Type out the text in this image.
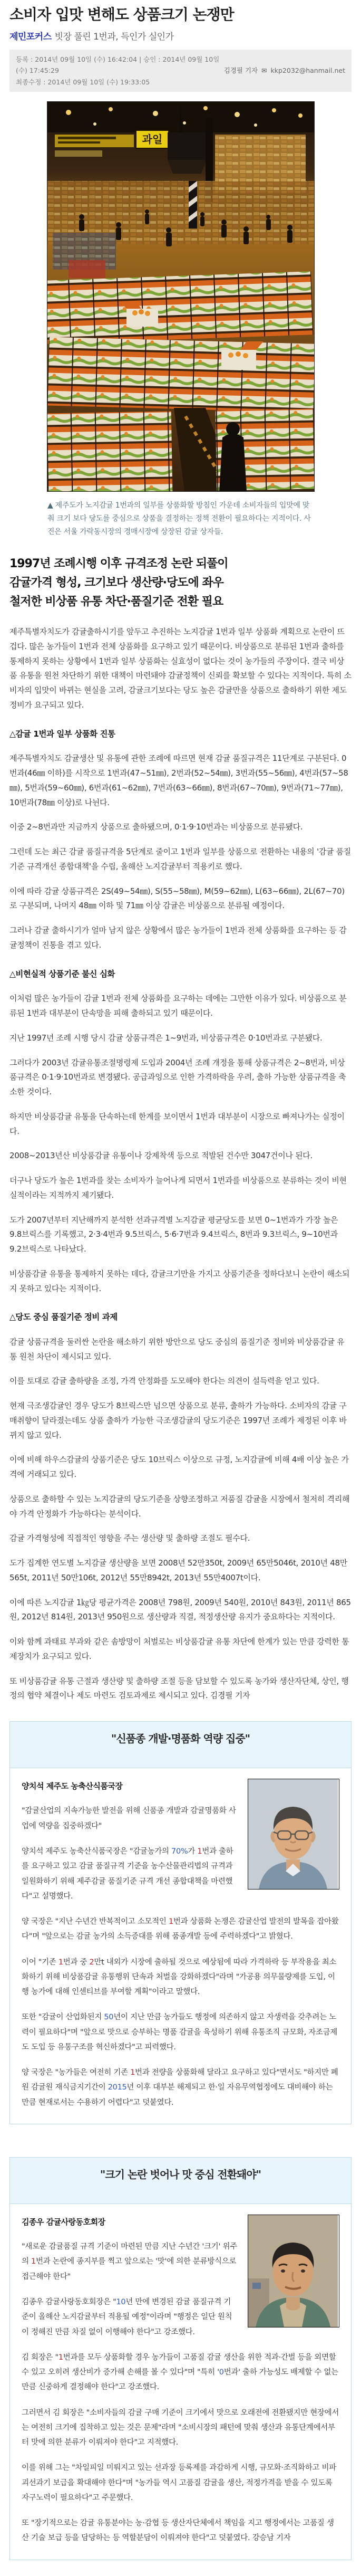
소비자 입맛 변해도 상품크기 논쟁만
제민포커스 빗장 풀린 1번과, 득인가 실인가
등록 : 2014년 09월 10일 (수) 16:42:04 | 승인 : 2014년 09월 10일 (수) 17:45:29
최종수정 : 2014년 09월 10일 (수) 19:33:05
김경필 기자 ✉ kkp2032@hanmail.net
과일
▲ 제주도가 노지감귤 1번과의 일부를 상품화할 방침인 가운데 소비자들의 입맛에 맞춰 크기 보다 당도를 중심으로 상품을 결정하는 정책 전환이 필요하다는 지적이다. 사진은 서울 가락동시장의 경매시장에 상장된 감귤 상자들.
1997년 조례시행 이후 규격조정 논란 되풀이
감귤가격 형성, 크기보다 생산량·당도에 좌우
철저한 비상품 유통 차단·품질기준 전환 필요

제주특별자치도가 감귤출하시기를 앞두고 추진하는 노지감귤 1번과 일부 상품화 계획으로 논란이 뜨겁다. 많은 농가들이 1번과 전체 상품화를 요구하고 있기 때문이다. 비상품으로 분류된 1번과 출하를 통제하지 못하는 상황에서 1번과 일부 상품화는 실효성이 없다는 것이 농가들의 주장이다. 결국 비상품 유통을 원천 차단하기 위한 대책이 마련돼야 감귤정책이 신뢰를 확보할 수 있다는 지적이다. 특히 소비자의 입맛이 바뀌는 현실을 고려, 감귤크기보다는 당도 높은 감귤만을 상품으로 출하하기 위한 제도 정비가 요구되고 있다.

△감귤 1번과 일부 상품화 진통

제주특별자치도 감귤생산 및 유통에 관한 조례에 따르면 현재 감귤 품질규격은 11단계로 구분된다. 0번과(46㎜ 이하)를 시작으로 1번과(47~51㎜), 2번과(52~54㎜), 3번과(55~56㎜), 4번과(57~58㎜), 5번과(59~60㎜), 6번과(61~62㎜), 7번과(63~66㎜), 8번과(67~70㎜), 9번과(71~77㎜), 10번과(78㎜ 이상)로 나뉜다.

이중 2~8번과만 지금까지 상품으로 출하됐으며, 0·1·9·10번과는 비상품으로 분류됐다.

그런데 도는 최근 감귤 품질규격을 5단계로 줄이고 1번과 일부를 상품으로 전환하는 내용의 '감귤 품질기준 규격개선 종합대책'을 수립, 올해산 노지감귤부터 적용키로 했다.

이에 따라 감귤 상품규격은 2S(49~54㎜), S(55~58㎜), M(59~62㎜), L(63~66㎜), 2L(67~70)로 구분되며, 나머지 48㎜ 이하 및 71㎜ 이상 감귤은 비상품으로 분류될 예정이다.

그러나 감귤 출하시기가 얼마 남지 않은 상황에서 많은 농가들이 1번과 전체 상품화를 요구하는 등 감귤정책이 진통을 겪고 있다.

△비현실적 상품기준 불신 심화

이처럼 많은 농가들이 감귤 1번과 전체 상품화를 요구하는 데에는 그만한 이유가 있다. 비상품으로 분류된 1번과 대부분이 단속망을 피해 출하되고 있기 때문이다.

지난 1997년 조례 시행 당시 감귤 상품규격은 1~9번과, 비상품규격은 0·10번과로 구분됐다.

그러다가 2003년 감귤유통조절명령제 도입과 2004년 조례 개정을 통해 상품규격은 2~8번과, 비상품규격은 0·1·9·10번과로 변경됐다. 공급과잉으로 인한 가격하락을 우려, 출하 가능한 상품규격을 축소한 것이다.

하지만 비상품감귤 유통을 단속하는데 한계를 보이면서 1번과 대부분이 시장으로 빠져나가는 실정이다.

2008~2013년산 비상품감귤 유통이나 강제착색 등으로 적발된 건수만 3047건이나 된다.

더구나 당도가 높은 1번과를 찾는 소비자가 늘어나게 되면서 1번과를 비상품으로 분류하는 것이 비현실적이라는 지적까지 제기됐다.

도가 2007년부터 지난해까지 분석한 선과규격별 노지감귤 평균당도를 보면 0~1번과가 가장 높은 9.8브릭스를 기록했고, 2·3·4번과 9.5브릭스, 5·6·7번과 9.4브릭스, 8번과 9.3브릭스, 9~10번과 9.2브릭스로 나타났다.

비상품감귤 유통을 통제하지 못하는 데다, 감귤크기만을 가지고 상품기준을 정하다보니 논란이 해소되지 못하고 있다는 지적이다.

△당도 중심 품질기준 정비 과제

감귤 상품규격을 둘러싼 논란을 해소하기 위한 방안으로 당도 중심의 품질기준 정비와 비상품감귤 유통 원천 차단이 제시되고 있다.

이를 토대로 감귤 출하량을 조정, 가격 안정화를 도모해야 한다는 의견이 설득력을 얻고 있다.

현재 극조생감귤인 경우 당도가 8브릭스만 넘으면 상품으로 분류, 출하가 가능하다. 소비자의 감귤 구매취향이 달라졌는데도 상품 출하가 가능한 극조생감귤의 당도기준은 1997년 조례가 제정된 이후 바뀌지 않고 있다.

이에 비해 하우스감귤의 상품기준은 당도 10브릭스 이상으로 규정, 노지감귤에 비해 4배 이상 높은 가격에 거래되고 있다.

상품으로 출하할 수 있는 노지감귤의 당도기준을 상향조정하고 저품질 감귤을 시장에서 철저히 격리해야 가격 안정화가 가능하다는 분석이다.

감귤 가격형성에 직접적인 영향을 주는 생산량 및 출하량 조절도 필수다.

도가 집계한 연도별 노지감귤 생산량을 보면 2008년 52만350t, 2009년 65만5046t, 2010년 48만565t, 2011년 50만106t, 2012년 55만8942t, 2013년 55만4007t이다.

이에 따른 노지감귤 1㎏당 평균가격은 2008년 798원, 2009년 540원, 2010년 843원, 2011년 865원, 2012년 814원, 2013년 950원으로 생산량과 직결, 적정생산량 유지가 중요하다는 지적이다.

이와 함께 과태료 부과와 같은 솜방망이 처벌로는 비상품감귤 유통 차단에 한계가 있는 만큼 강력한 통제장치가 요구되고 있다.

또 비상품감귤 유통 근절과 생산량 및 출하량 조절 등을 담보할 수 있도록 농가와 생산자단체, 상인, 행정의 협약 체결이나 제도 마련도 검토과제로 제시되고 있다. 김경필 기자

"신품종 개발·명품화 역량 집중"
양치석 제주도 농축산식품국장

"감귤산업의 지속가능한 발전을 위해 신품종 개발과 감귤명품화 사업에 역량을 집중하겠다"

양치석 제주도 농축산식품국장은 "감귤농가의 70%가 1번과 출하를 요구하고 있고 감귤 품질규격 기준을 농수산물관리법의 규격과 일원화하기 위해 제주감귤 품질기준 규격 개선 종합대책을 마련했다"고 설명했다.

양 국장은 "지난 수년간 반복적이고 소모적인 1번과 상품화 논쟁은 감귤산업 발전의 발목을 잡아왔다"며 "앞으로는 감귤 농가의 소득증대를 위해 품종개발 등에 주력하겠다"고 밝혔다.

이어 "기존 1번과 중 2만t 내외가 시장에 출하될 것으로 예상됨에 따라 가격하락 등 부작용을 최소화하기 위해 비상품감귤 유통행위 단속과 처벌을 강화하겠다"라며 "가공용 의무물량제를 도입, 이행 농가에 대해 인센티브를 부여할 계획"이라고 말했다.

또한 "감귤이 산업화된지 50년이 지난 만큼 농가들도 행정에 의존하지 않고 자생력을 갖추려는 노력이 필요하다"며 "앞으로 맛으로 승부하는 명품 감귤을 육성하기 위해 유통조직 규모화, 자조금제도 도입 등 유통구조를 혁신하겠다"고 피력했다.

양 국장은 "농가들은 여전히 기존 1번과 전량을 상품화해 달라고 요구하고 있다"면서도 "하지만 폐원 감귤원 재식금지기간이 2015년 이후 대부분 해제되고 한·일 자유무역협정에도 대비해야 하는 만큼 현재로서는 수용하기 어렵다"고 덧붙였다.

"크기 논란 벗어나 맛 중심 전환돼야"
김종우 감귤사랑동호회장

"새로운 감귤품질 규격 기준이 마련된 만큼 지난 수년간 '크기' 위주의 1번과 논란에 종지부를 찍고 앞으로는 '맛'에 의한 분류방식으로 접근해야 한다"

김종우 감귤사랑동호회장은 "10년 만에 변경된 감귤 품질규격 기준이 올해산 노지감귤부터 적용될 예정"이라며 "행정은 일단 원칙이 정해진 만큼 차질 없이 이행해야 한다"고 강조했다.

김 회장은 "1번과를 모두 상품화할 경우 농가들이 고품질 감귤 생산을 위한 적과·간벌 등을 외면할 수 있고 오히려 생산비가 증가해 손해를 볼 수 있다"며 "특히 '0번과' 출하 가능성도 배제할 수 없는 만큼 신중하게 결정해야 한다"고 강조했다.

그러면서 김 회장은 "소비자들의 감귤 구매 기준이 크기에서 맛으로 오래전에 전환됐지만 현장에서는 여전히 크기에 집착하고 있는 것은 문제"라며 "소비시장의 패턴에 맞춰 생산과 유통단계에서부터 맛에 의한 분류가 이뤄져야 한다"고 지적했다.

이를 위해 그는 "차일피일 미뤄지고 있는 선과장 등록제를 과감하게 시행, 규모화·조직화하고 비파괴선과기 보급을 확대해야 한다"며 "농가들 역시 고품질 감귤을 생산, 적정가격을 받을 수 있도록 자구노력이 필요하다"고 주문했다.

또 "장기적으로는 감귤 유통분야는 농·감협 등 생산자단체에서 책임을 지고 행정에서는 고품질 생산 기술 보급 등을 담당하는 등 역할분담이 이뤄져야 한다"고 덧붙였다. 강승남 기자
